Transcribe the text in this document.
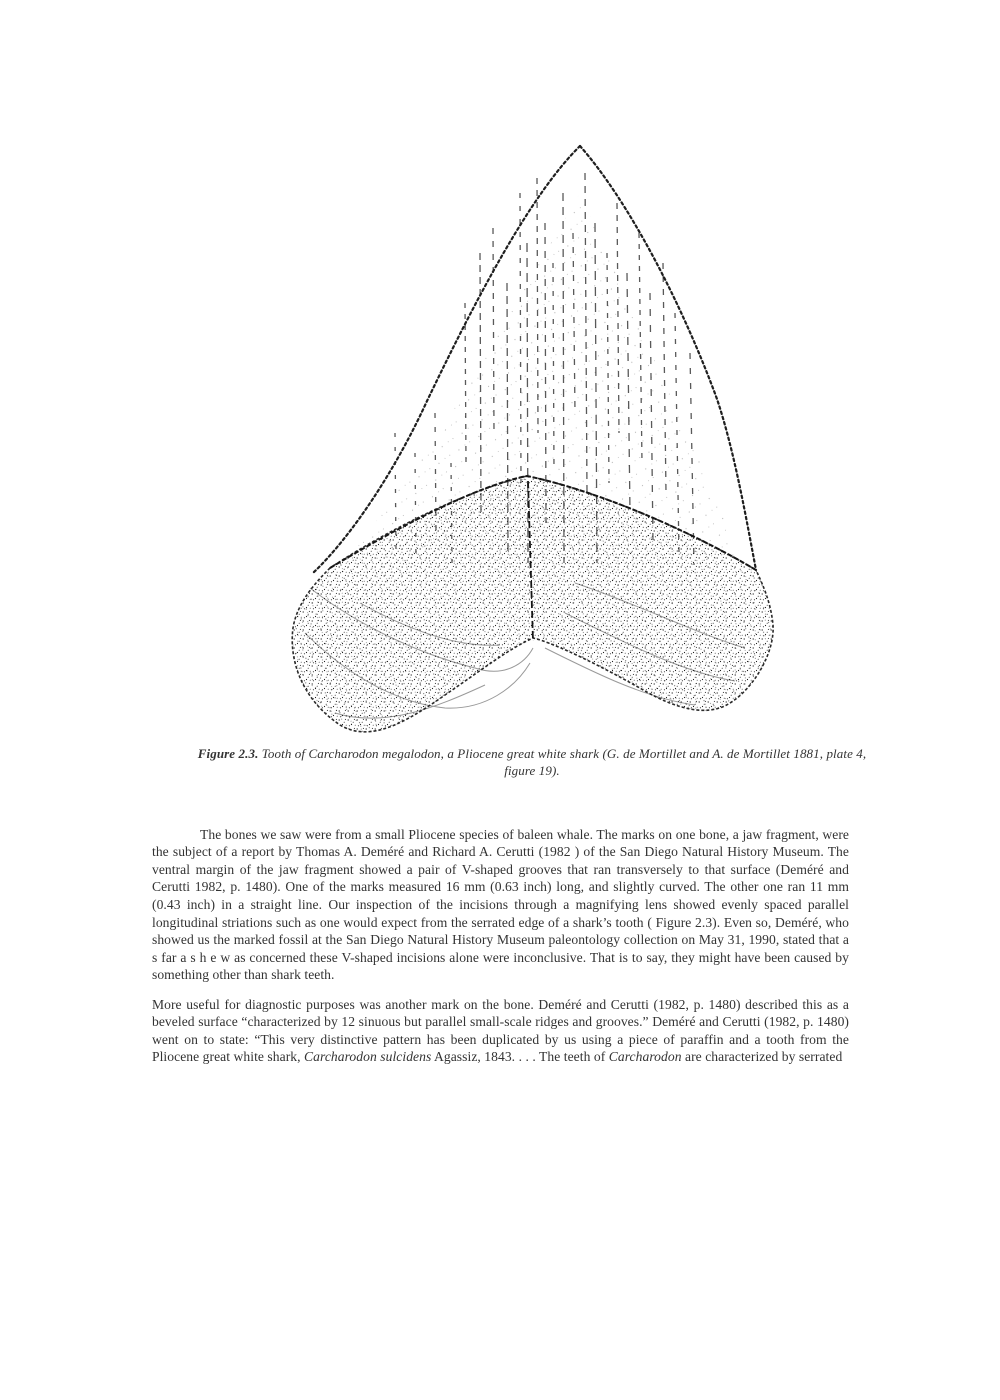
Figure 2.3. Tooth of Carcharodon megalodon, a Pliocene great white shark (G. de Mortillet and A. de Mortillet 1881, plate 4, figure 19).

The bones we saw were from a small Pliocene species of baleen whale. The marks on one bone, a jaw fragment, were the subject of a report by Thomas A. Deméré and Richard A. Cerutti (1982 ) of the San Diego Natural History Museum. The ventral margin of the jaw fragment showed a pair of V-shaped grooves that ran transversely to that surface (Deméré and Cerutti 1982, p. 1480). One of the marks measured 16 mm (0.63 inch) long, and slightly curved. The other one ran 11 mm (0.43 inch) in a straight line. Our inspection of the incisions through a magnifying lens showed evenly spaced parallel longitudinal striations such as one would expect from the serrated edge of a shark’s tooth ( Figure 2.3). Even so, Deméré, who showed us the marked fossil at the San Diego Natural History Museum paleontology collection on May 31, 1990, stated that a s far a s h e w as concerned these V-shaped incisions alone were inconclusive. That is to say, they might have been caused by something other than shark teeth.

More useful for diagnostic purposes was another mark on the bone. Deméré and Cerutti (1982, p. 1480) described this as a beveled surface “characterized by 12 sinuous but parallel small-scale ridges and grooves.” Deméré and Cerutti (1982, p. 1480) went on to state: “This very distinctive pattern has been duplicated by us using a piece of paraffin and a tooth from the Pliocene great white shark, Carcharodon sulcidens Agassiz, 1843. . . . The teeth of Carcharodon are characterized by serrated
